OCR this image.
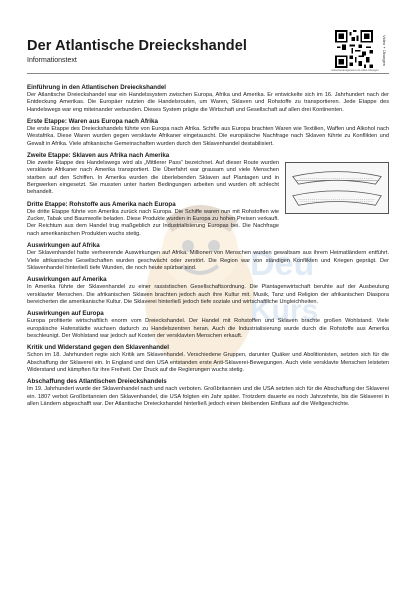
Der Atlantische Dreieckshandel
Informationstext
wissensmanagement-mit-video-Übungen
Video + Übungen
Deu
Kurs
Einführung in den Atlantischen Dreieckshandel
Der Atlantische Dreieckshandel war ein Handelssystem zwischen Europa, Afrika und Amerika. Er entwickelte sich im 16. Jahrhundert nach der Entdeckung Amerikas. Die Europäer nutzten die Handelsrouten, um Waren, Sklaven und Rohstoffe zu transportieren. Jede Etappe des Handelswegs war eng miteinander verbunden. Dieses System prägte die Wirtschaft und Gesellschaft auf allen drei Kontinenten.
Erste Etappe: Waren aus Europa nach Afrika
Die erste Etappe des Dreieckshandels führte von Europa nach Afrika. Schiffe aus Europa brachten Waren wie Textilien, Waffen und Alkohol nach Westafrika. Diese Waren wurden gegen versklavte Afrikaner eingetauscht. Die europäische Nachfrage nach Sklaven führte zu Konflikten und Gewalt in Afrika. Viele afrikanische Gemeinschaften wurden durch den Sklavenhandel destabilisiert.
Zweite Etappe: Sklaven aus Afrika nach Amerika
Die zweite Etappe des Handelswegs wird als „Mittlerer Pass“ bezeichnet. Auf dieser Route wurden versklavte Afrikaner nach Amerika transportiert. Die Überfahrt war grausam und viele Menschen starben auf den Schiffen. In Amerika wurden die überlebenden Sklaven auf Plantagen und in Bergwerken eingesetzt. Sie mussten unter harten Bedingungen arbeiten und wurden oft schlecht behandelt.
Dritte Etappe: Rohstoffe aus Amerika nach Europa
Die dritte Etappe führte von Amerika zurück nach Europa. Die Schiffe waren nun mit Rohstoffen wie Zucker, Tabak und Baumwolle beladen. Diese Produkte wurden in Europa zu hohen Preisen verkauft. Der Reichtum aus dem Handel trug maßgeblich zur Industrialisierung Europas bei. Die Nachfrage nach amerikanischen Produkten wuchs stetig.
Auswirkungen auf Afrika
Der Sklavenhandel hatte verheerende Auswirkungen auf Afrika. Millionen von Menschen wurden gewaltsam aus ihrem Heimatländern entführt. Viele afrikanische Gesellschaften wurden geschwächt oder zerstört. Die Region war von ständigen Konflikten und Kriegen geprägt. Der Sklavenhandel hinterließ tiefe Wunden, die noch heute spürbar sind.
Auswirkungen auf Amerika
In Amerika führte der Sklavenhandel zu einer rassistischen Gesellschaftsordnung. Die Plantagenwirtschaft beruhte auf der Ausbeutung versklavter Menschen. Die afrikanischen Sklaven brachten jedoch auch ihre Kultur mit. Musik, Tanz und Religion der afrikanischen Diaspora bereicherten die amerikanische Kultur. Die Sklaverei hinterließ jedoch tiefe soziale und wirtschaftliche Ungleichheiten.
Auswirkungen auf Europa
Europa profitierte wirtschaftlich enorm vom Dreieckshandel. Der Handel mit Rohstoffen und Sklaven brachte großen Wohlstand. Viele europäische Hafenstädte wuchsen dadurch zu Handelszentren heran. Auch die Industrialisierung wurde durch die Rohstoffe aus Amerika beschleunigt. Der Wohlstand war jedoch auf Kosten der versklavten Menschen erkauft.
Kritik und Widerstand gegen den Sklavenhandel
Schon im 18. Jahrhundert regte sich Kritik am Sklavenhandel. Verschiedene Gruppen, darunter Quäker und Abolitionisten, setzten sich für die Abschaffung der Sklaverei ein. In England und den USA entstanden erste Anti-Sklaverei-Bewegungen. Auch viele versklavte Menschen leisteten Widerstand und kämpften für ihre Freiheit. Der Druck auf die Regierungen wuchs stetig.
Abschaffung des Atlantischen Dreieckshandels
Im 19. Jahrhundert wurde der Sklavenhandel nach und nach verboten. Großbritannien und die USA setzten sich für die Abschaffung der Sklaverei ein. 1807 verbot Großbritannien den Sklavenhandel, die USA folgten ein Jahr später. Trotzdem dauerte es noch Jahrzehnte, bis die Sklaverei in allen Ländern abgeschafft war. Der Atlantische Dreieckshandel hinterließ jedoch einen bleibenden Einfluss auf die Weltgeschichte.
